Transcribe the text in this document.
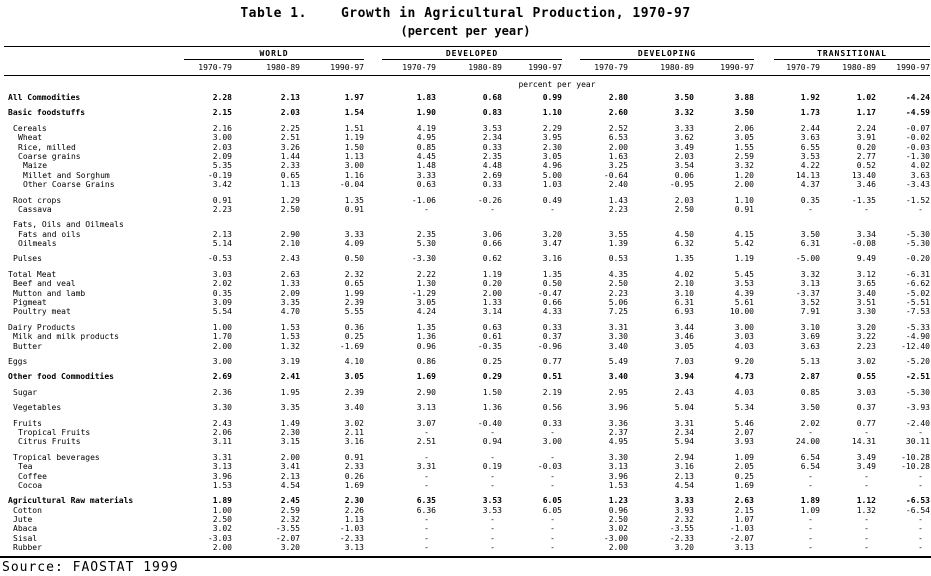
Table 1.	Growth in Agricultural Production, 1970-97
(percent per year)
WORLD	DEVELOPED	DEVELOPING	TRANSITIONAL
1970-79	1980-89	1990-97	1970-79	1980-89	1990-97	1970-79	1980-89	1990-97	1970-79	1980-89	1990-97
percent per year
All Commodities	2.28	2.13	1.97	1.83	0.68	0.99	2.80	3.50	3.88	1.92	1.02	-4.24
Basic foodstuffs	2.15	2.03	1.54	1.90	0.83	1.10	2.60	3.32	3.50	1.73	1.17	-4.59
Cereals	2.16	2.25	1.51	4.19	3.53	2.29	2.52	3.33	2.06	2.44	2.24	-0.07
Wheat	3.00	2.51	1.19	4.95	2.34	3.95	6.53	3.62	3.05	3.63	3.91	-0.02
Rice, milled	2.03	3.26	1.50	0.85	0.33	2.30	2.00	3.49	1.55	6.55	0.20	-0.03
Coarse grains	2.09	1.44	1.13	4.45	2.35	3.05	1.63	2.03	2.59	3.53	2.77	-1.30
Maize	5.35	2.33	3.00	1.48	4.48	4.96	3.25	3.54	3.32	4.22	0.52	4.02
Millet and Sorghum	-0.19	0.65	1.16	3.33	2.69	5.00	-0.64	0.06	1.20	14.13	13.40	3.63
Other Coarse Grains	3.42	1.13	-0.04	0.63	0.33	1.03	2.40	-0.95	2.00	4.37	3.46	-3.43
Root crops	0.91	1.29	1.35	-1.06	-0.26	0.49	1.43	2.03	1.10	0.35	-1.35	-1.52
Cassava	2.23	2.50	0.91	-	-	-	2.23	2.50	0.91	-	-	-
Fats, Oils and Oilmeals
Fats and oils	2.13	2.90	3.33	2.35	3.06	3.20	3.55	4.50	4.15	3.50	3.34	-5.30
Oilmeals	5.14	2.10	4.09	5.30	0.66	3.47	1.39	6.32	5.42	6.31	-0.08	-5.30
Pulses	-0.53	2.43	0.50	-3.30	0.62	3.16	0.53	1.35	1.19	-5.00	9.49	-0.20
Total Meat	3.03	2.63	2.32	2.22	1.19	1.35	4.35	4.02	5.45	3.32	3.12	-6.31
Beef and veal	2.02	1.33	0.65	1.30	0.20	0.50	2.50	2.10	3.53	3.13	3.65	-6.62
Mutton and lamb	0.35	2.09	1.99	-1.29	2.00	-0.47	2.23	3.10	4.39	-3.37	3.40	-5.02
Pigmeat	3.09	3.35	2.39	3.05	1.33	0.66	5.06	6.31	5.61	3.52	3.51	-5.51
Poultry meat	5.54	4.70	5.55	4.24	3.14	4.33	7.25	6.93	10.00	7.91	3.30	-7.53
Dairy Products	1.00	1.53	0.36	1.35	0.63	0.33	3.31	3.44	3.00	3.10	3.20	-5.33
Milk and milk products	1.70	1.53	0.25	1.36	0.61	0.37	3.30	3.46	3.03	3.69	3.22	-4.90
Butter	2.00	1.32	-1.69	0.96	-0.35	-0.96	3.40	3.05	4.03	3.63	2.23	-12.40
Eggs	3.00	3.19	4.10	0.86	0.25	0.77	5.49	7.03	9.20	5.13	3.02	-5.20
Other food Commodities	2.69	2.41	3.05	1.69	0.29	0.51	3.40	3.94	4.73	2.87	0.55	-2.51
Sugar	2.36	1.95	2.39	2.90	1.50	2.19	2.95	2.43	4.03	0.85	3.03	-5.30
Vegetables	3.30	3.35	3.40	3.13	1.36	0.56	3.96	5.04	5.34	3.50	0.37	-3.93
Fruits	2.43	1.49	3.02	3.07	-0.40	0.33	3.36	3.31	5.46	2.02	0.77	-2.40
Tropical Fruits	2.06	2.30	2.11	-	-	-	2.37	2.34	2.07	-	-	-
Citrus Fruits	3.11	3.15	3.16	2.51	0.94	3.00	4.95	5.94	3.93	24.00	14.31	30.11
Tropical beverages	3.31	2.00	0.91	-	-	-	3.30	2.94	1.09	6.54	3.49	-10.28
Tea	3.13	3.41	2.33	3.31	0.19	-0.03	3.13	3.16	2.05	6.54	3.49	-10.28
Coffee	3.96	2.13	0.26	-	-	-	3.96	2.13	0.25	-	-	-
Cocoa	1.53	4.54	1.69	-	-	-	1.53	4.54	1.69	-	-	-
Agricultural Raw materials	1.89	2.45	2.30	6.35	3.53	6.05	1.23	3.33	2.63	1.89	1.12	-6.53
Cotton	1.00	2.59	2.26	6.36	3.53	6.05	0.96	3.93	2.15	1.09	1.32	-6.54
Jute	2.50	2.32	1.13	-	-	-	2.50	2.32	1.07	-	-	-
Abaca	3.02	-3.55	-1.03	-	-	-	3.02	-3.55	-1.03	-	-	-
Sisal	-3.03	-2.07	-2.33	-	-	-	-3.00	-2.33	-2.07	-	-	-
Rubber	2.00	3.20	3.13	-	-	-	2.00	3.20	3.13	-	-	-
Source: FAOSTAT 1999
